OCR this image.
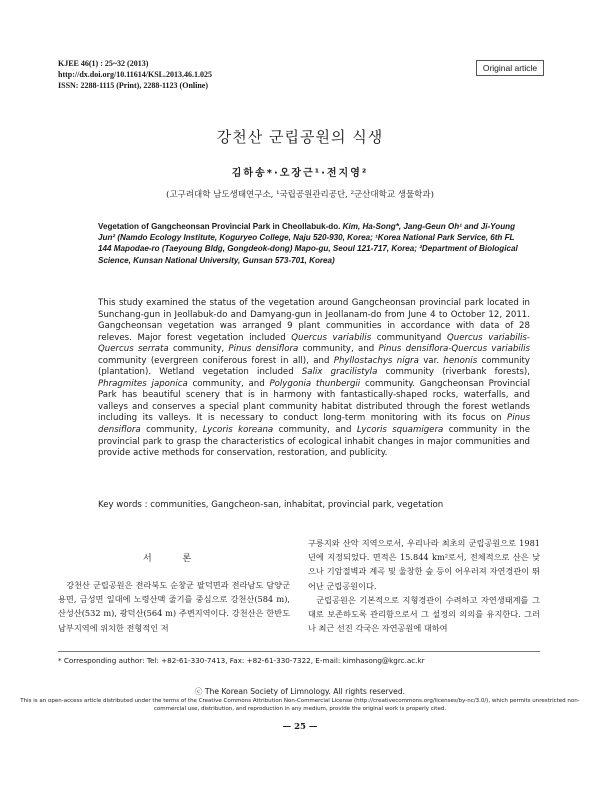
KJEE 46(1) : 25~32 (2013)
http://dx.doi.org/10.11614/KSL.2013.46.1.025
ISSN: 2288-1115 (Print), 2288-1123 (Online)
Original article
강천산 군립공원의 식생
김하송*·오장근¹·전지영²
(고구려대학 남도생태연구소, ¹국립공원관리공단, ²군산대학교 생물학과)
Vegetation of Gangcheonsan Provincial Park in Cheollabuk-do. Kim, Ha-Song*, Jang-Geun Oh¹ and Ji-Young Jun² (Namdo Ecology Institute, Koguryeo College, Naju 520-930, Korea; ¹Korea National Park Service, 6th FL 144 Mapodae-ro (Taeyoung Bldg, Gongdeok-dong) Mapo-gu, Seoul 121-717, Korea; ²Department of Biological Science, Kunsan National University, Gunsan 573-701, Korea)
This study examined the status of the vegetation around Gangcheonsan provincial park located in Sunchang-gun in Jeollabuk-do and Damyang-gun in Jeollanam-do from June 4 to October 12, 2011. Gangcheonsan vegetation was arranged 9 plant communities in accordance with data of 28 releves. Major forest vegetation included Quercus variabilis communityand Quercus variabilis-Quercus serrata community, Pinus densiflora community, and Pinus densiflora-Quercus variabilis community (evergreen coniferous forest in all), and Phyllostachys nigra var. henonis community (plantation). Wetland vegetation included Salix gracilistyla community (riverbank forests), Phragmites japonica community, and Polygonia thunbergii community. Gangcheonsan Provincial Park has beautiful scenery that is in harmony with fantastically-shaped rocks, waterfalls, and valleys and conserves a special plant community habitat distributed through the forest wetlands including its valleys. It is necessary to conduct long-term monitoring with its focus on Pinus densiflora community, Lycoris koreana community, and Lycoris squamigera community in the provincial park to grasp the characteristics of ecological inhabit changes in major communities and provide active methods for conservation, restoration, and publicity.
Key words : communities, Gangcheon-san, inhabitat, provincial park, vegetation
서 론
강천산 군립공원은 전라북도 순창군 팔덕면과 전라남도 담양군 용면, 금성면 일대에 노령산맥 줄기를 중심으로 강천산(584 m), 산성산(532 m), 광덕산(564 m) 주변지역이다. 강천산은 한반도 남부지역에 위치한 전형적인 저
구릉지와 산악 지역으로서, 우리나라 최초의 군립공원으로 1981년에 지정되었다. 면적은 15.844 km²로서, 전체적으로 산은 낮으나 기암절벽과 계곡 및 울창한 숲 등이 어우러져 자연경관이 뛰어난 군립공원이다.
군립공원은 기본적으로 지형경관이 수려하고 자연생태계를 그대로 보존하도록 관리함으로서 그 설정의 의의를 유지한다. 그러나 최근 선진 각국은 자연공원에 대하여
* Corresponding author: Tel: +82-61-330-7413, Fax: +82-61-330-7322, E-mail: kimhasong@kgrc.ac.kr
ⓒ The Korean Society of Limnology. All rights reserved.
This is an open-access article distributed under the terms of the Creative Commons Attribution Non-Commercial License (http://creativecommons.org/licenses/by-nc/3.0/), which permits unrestricted non-commercial use, distribution, and reproduction in any medium, provide the original work is properly cited.
— 25 —
